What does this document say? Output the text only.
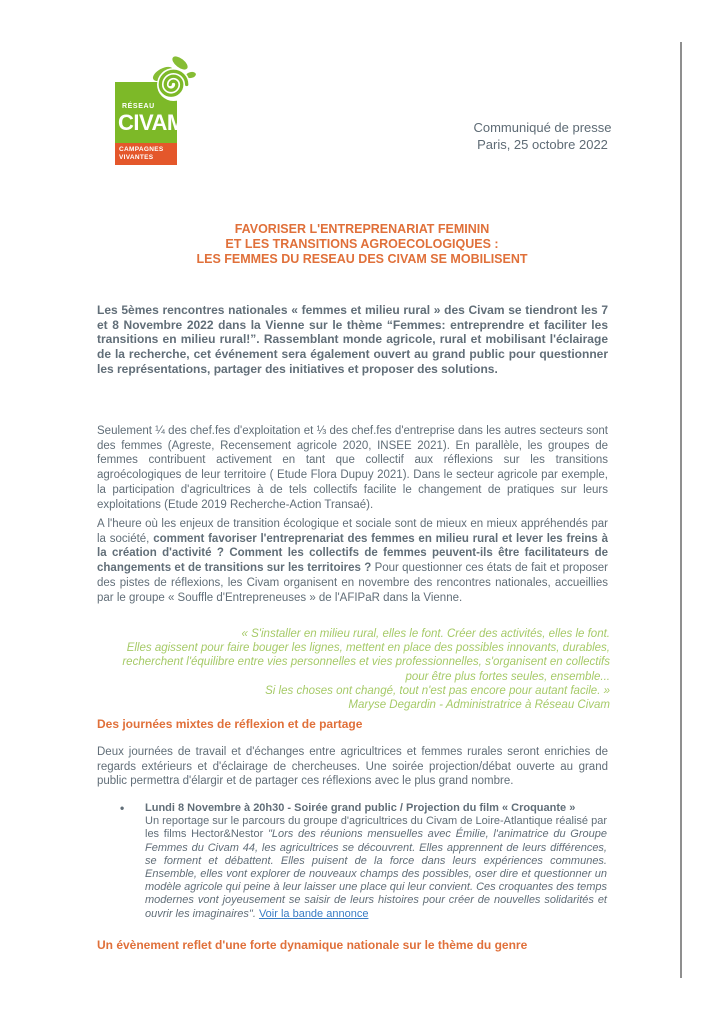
RÉSEAU
CIVAM
CAMPAGNES VIVANTES
Communiqué de presse
Paris, 25 octobre 2022
FAVORISER L'ENTREPRENARIAT FEMININ
ET LES TRANSITIONS AGROECOLOGIQUES :
LES FEMMES DU RESEAU DES CIVAM SE MOBILISENT
Les 5èmes rencontres nationales « femmes et milieu rural » des Civam se tiendront les 7 et 8 Novembre 2022 dans la Vienne sur le thème “Femmes: entreprendre et faciliter les transitions en milieu rural!”. Rassemblant monde agricole, rural et mobilisant l'éclairage de la recherche, cet événement sera également ouvert au grand public pour questionner les représentations, partager des initiatives et proposer des solutions.
Seulement ¼ des chef.fes d'exploitation et ⅓ des chef.fes d'entreprise dans les autres secteurs sont des femmes (Agreste, Recensement agricole 2020, INSEE 2021). En parallèle, les groupes de femmes contribuent activement en tant que collectif aux réflexions sur les transitions agroécologiques de leur territoire ( Etude Flora Dupuy 2021). Dans le secteur agricole par exemple, la participation d'agricultrices à de tels collectifs facilite le changement de pratiques sur leurs exploitations (Etude 2019 Recherche-Action Transaé).
A l'heure où les enjeux de transition écologique et sociale sont de mieux en mieux appréhendés par la société, comment favoriser l'entreprenariat des femmes en milieu rural et lever les freins à la création d'activité ? Comment les collectifs de femmes peuvent-ils être facilitateurs de changements et de transitions sur les territoires ? Pour questionner ces états de fait et proposer des pistes de réflexions, les Civam organisent en novembre des rencontres nationales, accueillies par le groupe « Souffle d'Entrepreneuses » de l'AFIPaR dans la Vienne.
« S'installer en milieu rural, elles le font. Créer des activités, elles le font.
Elles agissent pour faire bouger les lignes, mettent en place des possibles innovants, durables,
recherchent l'équilibre entre vies personnelles et vies professionnelles, s'organisent en collectifs
pour être plus fortes seules, ensemble...
Si les choses ont changé, tout n'est pas encore pour autant facile. »
Maryse Degardin - Administratrice à Réseau Civam
Des journées mixtes de réflexion et de partage
Deux journées de travail et d'échanges entre agricultrices et femmes rurales seront enrichies de regards extérieurs et d'éclairage de chercheuses. Une soirée projection/débat ouverte au grand public permettra d'élargir et de partager ces réflexions avec le plus grand nombre.
• Lundi 8 Novembre à 20h30 - Soirée grand public / Projection du film « Croquante »
Un reportage sur le parcours du groupe d'agricultrices du Civam de Loire-Atlantique réalisé par les films Hector&Nestor "Lors des réunions mensuelles avec Émilie, l'animatrice du Groupe Femmes du Civam 44, les agricultrices se découvrent. Elles apprennent de leurs différences, se forment et débattent. Elles puisent de la force dans leurs expériences communes. Ensemble, elles vont explorer de nouveaux champs des possibles, oser dire et questionner un modèle agricole qui peine à leur laisser une place qui leur convient. Ces croquantes des temps modernes vont joyeusement se saisir de leurs histoires pour créer de nouvelles solidarités et ouvrir les imaginaires". Voir la bande annonce
Un évènement reflet d'une forte dynamique nationale sur le thème du genre
